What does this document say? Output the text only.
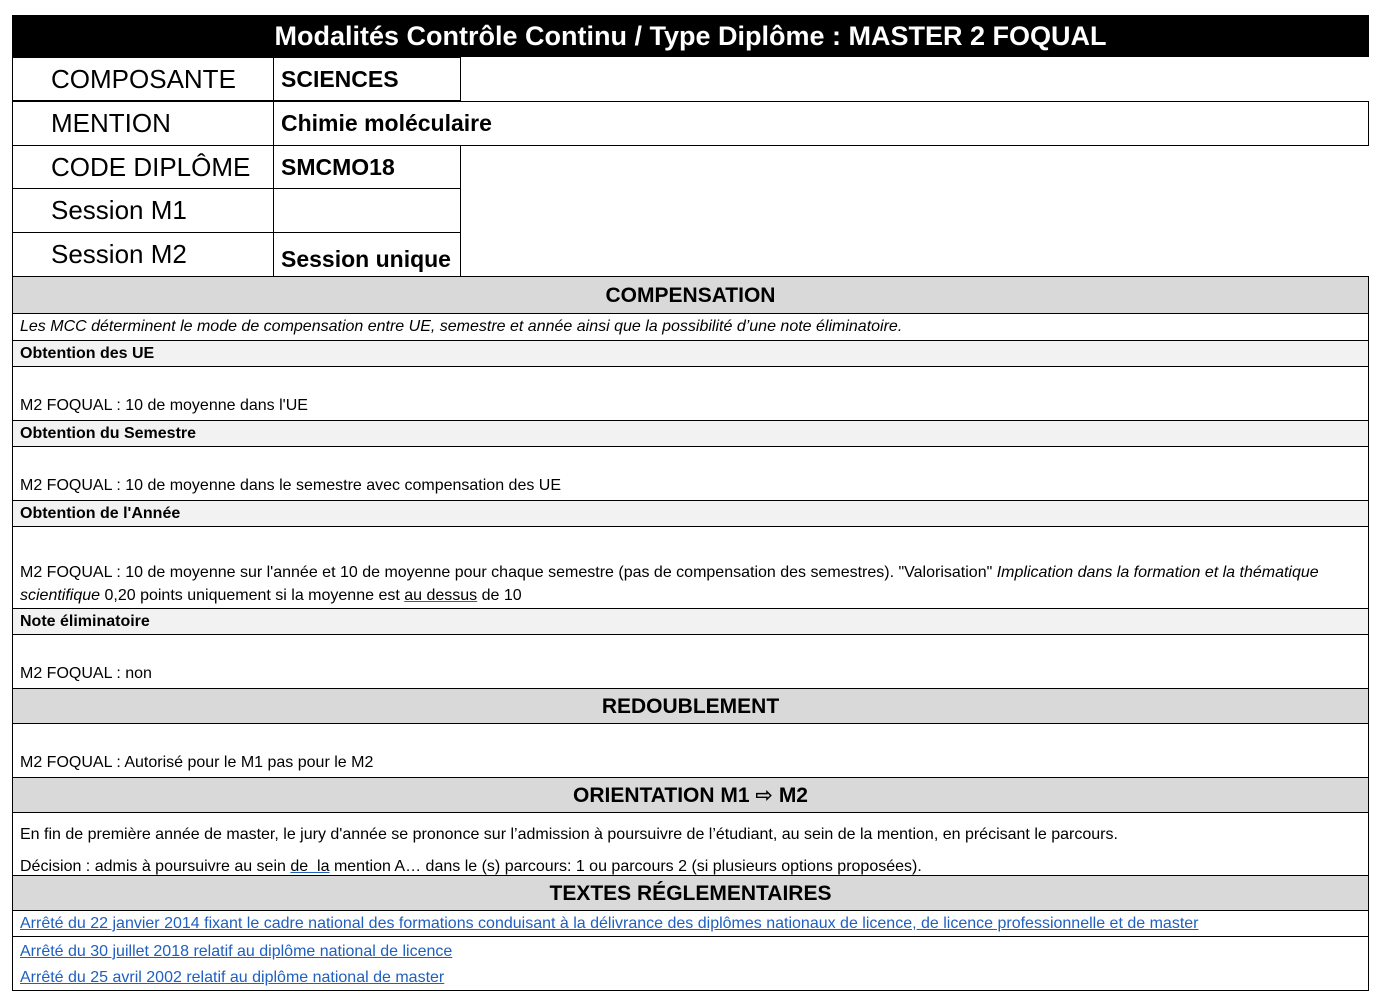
Modalités Contrôle Continu / Type Diplôme : MASTER 2 FOQUAL
COMPOSANTE	SCIENCES
MENTION	Chimie moléculaire
CODE DIPLÔME	SMCMO18
Session M1
Session M2	Session unique
COMPENSATION
Les MCC déterminent le mode de compensation entre UE, semestre et année ainsi que la possibilité d’une note éliminatoire.
Obtention des UE
M2 FOQUAL : 10 de moyenne dans l'UE
Obtention du Semestre
M2 FOQUAL : 10 de moyenne dans le semestre avec compensation des UE
Obtention de l'Année
M2 FOQUAL : 10 de moyenne sur l'année et 10 de moyenne pour chaque semestre (pas de compensation des semestres). "Valorisation" Implication dans la formation et la thématique scientifique 0,20 points uniquement si la moyenne est au dessus de 10
Note éliminatoire
M2 FOQUAL : non
REDOUBLEMENT
M2 FOQUAL : Autorisé pour le M1 pas pour le M2
ORIENTATION M1 ⇨ M2
En fin de première année de master, le jury d'année se prononce sur l’admission à poursuivre de l’étudiant, au sein de la mention, en précisant le parcours.
Décision : admis à poursuivre au sein de  la mention A… dans le (s) parcours: 1 ou parcours 2 (si plusieurs options proposées).
TEXTES RÉGLEMENTAIRES
Arrêté du 22 janvier 2014 fixant le cadre national des formations conduisant à la délivrance des diplômes nationaux de licence, de licence professionnelle et de master
Arrêté du 30 juillet 2018 relatif au diplôme national de licence
Arrêté du 25 avril 2002 relatif au diplôme national de master
